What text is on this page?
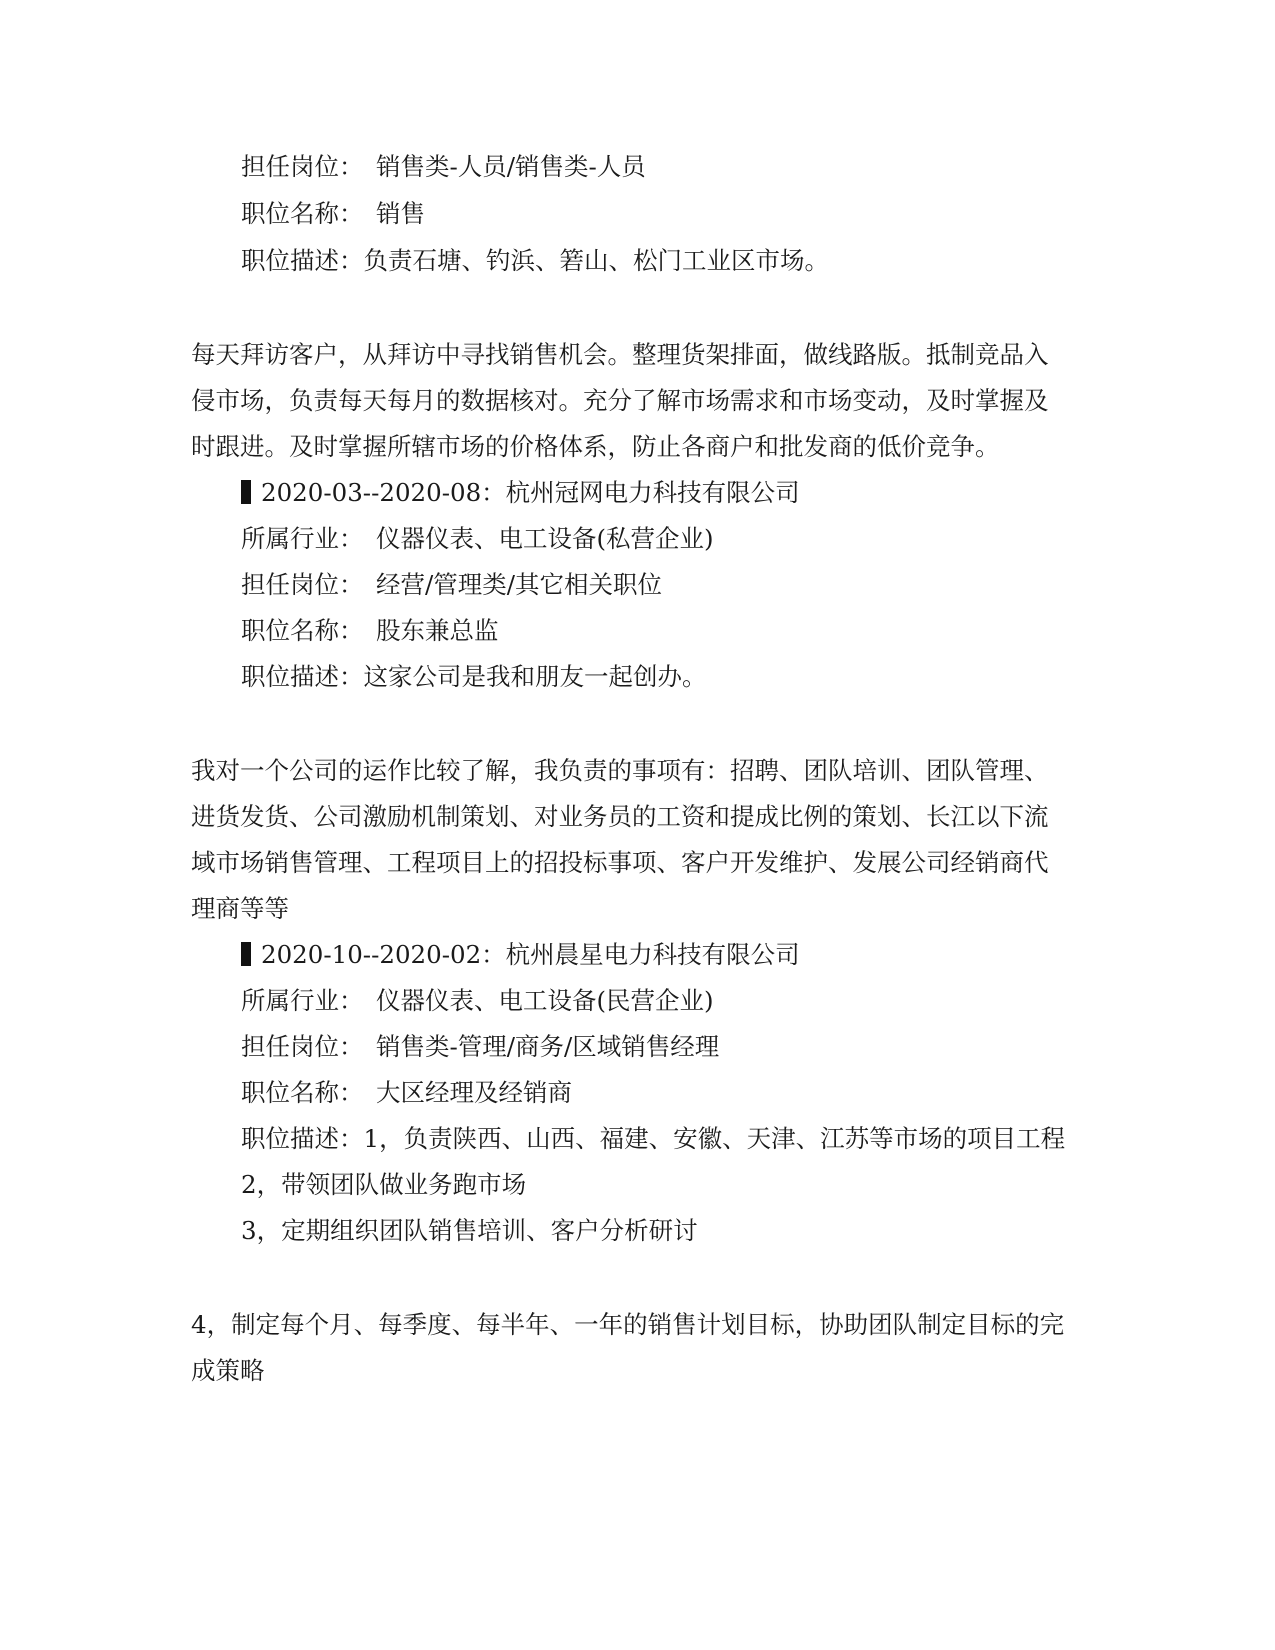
担任岗位： 销售类-人员/销售类-人员
职位名称： 销售
职位描述：负责石塘、钓浜、箬山、松门工业区市场。
每天拜访客户，从拜访中寻找销售机会。整理货架排面，做线路版。抵制竞品入
侵市场，负责每天每月的数据核对。充分了解市场需求和市场变动，及时掌握及
时跟进。及时掌握所辖市场的价格体系，防止各商户和批发商的低价竞争。
2020-03--2020-08：杭州冠网电力科技有限公司
所属行业： 仪器仪表、电工设备(私营企业)
担任岗位： 经营/管理类/其它相关职位
职位名称： 股东兼总监
职位描述：这家公司是我和朋友一起创办。
我对一个公司的运作比较了解，我负责的事项有：招聘、团队培训、团队管理、
进货发货、公司激励机制策划、对业务员的工资和提成比例的策划、长江以下流
域市场销售管理、工程项目上的招投标事项、客户开发维护、发展公司经销商代
理商等等
2020-10--2020-02：杭州晨星电力科技有限公司
所属行业： 仪器仪表、电工设备(民营企业)
担任岗位： 销售类-管理/商务/区域销售经理
职位名称： 大区经理及经销商
职位描述：1，负责陕西、山西、福建、安徽、天津、江苏等市场的项目工程
2，带领团队做业务跑市场
3，定期组织团队销售培训、客户分析研讨
4，制定每个月、每季度、每半年、一年的销售计划目标，协助团队制定目标的完
成策略
